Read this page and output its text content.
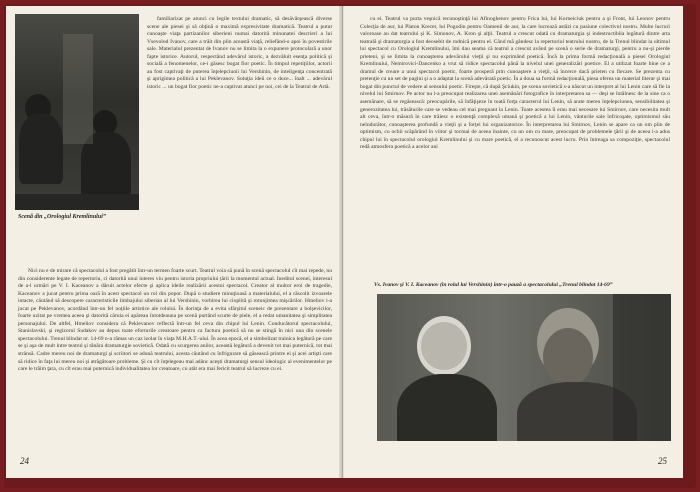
Scenă din „Orologiul Kremlinului”
familiarizat pe atunci cu legile textului dramatic, să desăvârşească diverse scene ale piesei şi să obţină o maximă expresivitate dramatică. Teatrul a putut cunoaşte viaţa partizanilor siberieni numai datorită minunatei descrieri a lui Vsevolod Ivanov, care a trăit din plin această viaţă, reliefând-o apoi în povestirile sale. Materialul prezentat de Ivanov nu se limita la o expunere protocolară a unor fapte istorice. Autorul, respectând adevărul istoric, a dezvăluit esenţa politică şi socială a fenomenelor, ce-i găsesc bogat fior poetic. În timpul repetiţiilor, actorii au fost captivaţi de puterea înţelepciunii lui Vershinin, de inteligenţa concentrată şi aprigimea politică a lui Peklevanov. Soluţia ideii ce o duce... înalt ... adevărul istoric ... un bogat fior poetic ne-a captivat atunci pe noi, cei de la Teatrul de Artă.
Nici nu e de mirare că spectacolul a fost pregătit într-un termen foarte scurt. Teatrul voia să pună în scenă spectacolul cît mai repede, nu din considerente legate de repertoriu, ci datorită unui interes viu pentru istoria propriului țării la momentul actual. Ineditul scenei, interesul de a-l urmări pe V. I. Kaceanov a dăruit actelor efecte şi aplica ideile realizării acestui spectacol. Creator al multor eroi de tragedie, Kaceanov a jucat pentru prima oară în acest spectacol un rol din popor. După o studiere minuţioasă a materialului, el a răscolit izvoarele intacte, căutând să descopere caracteristicile limbajului siberian al lui Vershinin, vorbirea lui cioplită şi rotunjimea mişcărilor. Hmeliov l-a jucat pe Peklevanov, acordând într-un fel noţiile artistice ale rolului. În dorinţa de a evita sfârşitul sceneic de prezentare a bolşevicilor, foarte uzitat pe vremea aceea şi datorită căruia ei apăreau întotdeauna pe scenă purtând scurte de piele, el a redat umanitatea şi simplitatea personajului. De altfel, Hmeliov considera că Peklevanov reflectă într-un fel ceva din chipul lui Lenin. Conducătorul spectacolului, Stanislavski, şi regizorul Sudakov au depus toate eforturile creatoare pentru ca factura poetică să nu se stingă în nici una din scenele spectacolului. Trenul blindat nr. 14-69 n-a rămas un caz izolat în viaţa M.H.A.T.-ului. În acea epocă, el a simbolizat trainica legătură pe care se şi aşa de mult intre teatrul şi tânăra dramaturgie sovietică. Odată cu scurgerea anilor, această legătură a devenit tot mai puternică, tot mai strânsă. Cadre mereu noi de dramaturgi şi scriitori se adună teatrului, acesta căutând cu înfrigurare să găsească printre ei şi acei artişti care să ridice în faţa lui mereu noi şi atrăgătoare probleme. Şi cu cît înţelegeau mai adânc aceşti dramaturgi sensul ideologic al evenimentelor pe care le trăim ţara, cu cît erau mai puternică individualitatea lor creatoare, cu atât era mai fericit teatrul să lucreze cu ei.
24
cu ei. Teatrul va purta veşnică recunoştinţă lui Afinoghenov pentru Frica lui, lui Korneiciuk pentru a şi Front, lui Leonov pentru Colecţia de aur, lui Platon Krecet, lui Pogodin pentru Oamenii de aur, la care lucrează astăzi cu pasiune colectivul nostru. Multe lucruri valoroase au dat teatrului şi K. Simonov, A. Kron şi alţii. Teatrul a crescut odată cu dramaturgia şi indestructibila legătură dintre arta teatrală şi dramaturgia a fost deosebit de rodnică pentru el. Când mă gândesc la repertoriul teatrului nostru, de la Trenul blindat la ultimul lui spectacol cu Orologiul Kremlinului, îmi dau seama că teatrul a crescut având pe scenă o serie de dramaturgi, pentru a nu-şi pierde prieteni, şi se limita la cunoaşterea adevărului vieţii şi nu exprimând poetică. Încă la prima formă redacţională a piesei Orologiul Kremlinului, Nemirovici-Dancenko a vrut să ridice spectacolul până la nivelul unei generalizări poetice. El a utilizat foarte bine ce a dramul de creare a unui spectacol poetic, foarte prosperă prin cunoaştere a vieţii, să încerce dacă prieten cu fiecare. Se prezenta cu pretenţie cu un set de pagini şi a o adaptat la scenă adevărată poetic. În a doua sa formă redacţională, piesa oferea un material literar şi mai bogat din punctul de vedere al sensului poetic. Fireşte, că după Şciukin, pe scena sovietică s-a născut un interpret al lui Lenin care să fie la nivelul lui Smirnov. Pe actor nu l-a preocupat realizarea unei asemănări fotografice în interpretarea sa — deşi se întâlnesc de la sine ca o asemănare, să se regăsească: preocupările, să înfăţişeze în toată forţa caracterul lui Lenin, să arate mereu înţelepciunea, sensibilitatea şi generozitatea lui, trăsăturile care se vedeau cel mai pregnant la Lenin. Toate acestea îl erau mai necesare lui Smirnov, care necesita mult alt ceva, într-o măsură în care trăiesc o existenţă complexă umană şi poetică a lui Lenin, vânturile sale înfricoşate, optimismul său neîndurător, cunoaşterea profundă a vieţii şi a forţei lui organizatorice. În interpretarea lui Smirnov, Lenin se apare ca un om plin de optimism, cu ochii scăpărând în viitor şi tocmai de aceea înainte, cu un om cu mare, preocupat de problemele ţării şi de aceea i-a adus chipul lui în spectacolul orologiul Kremlinului şi cu mare poetică, el a recunoscut acest lucru. Prin întreaga sa compoziţie, spectacolul redă atmosfera poetică a acelor ani
Vs. Ivanov şi V. I. Kaceanov (în rolul lui Vershinin) într-o pauză a spectacolului „Trenul blindat 14-69”
25
